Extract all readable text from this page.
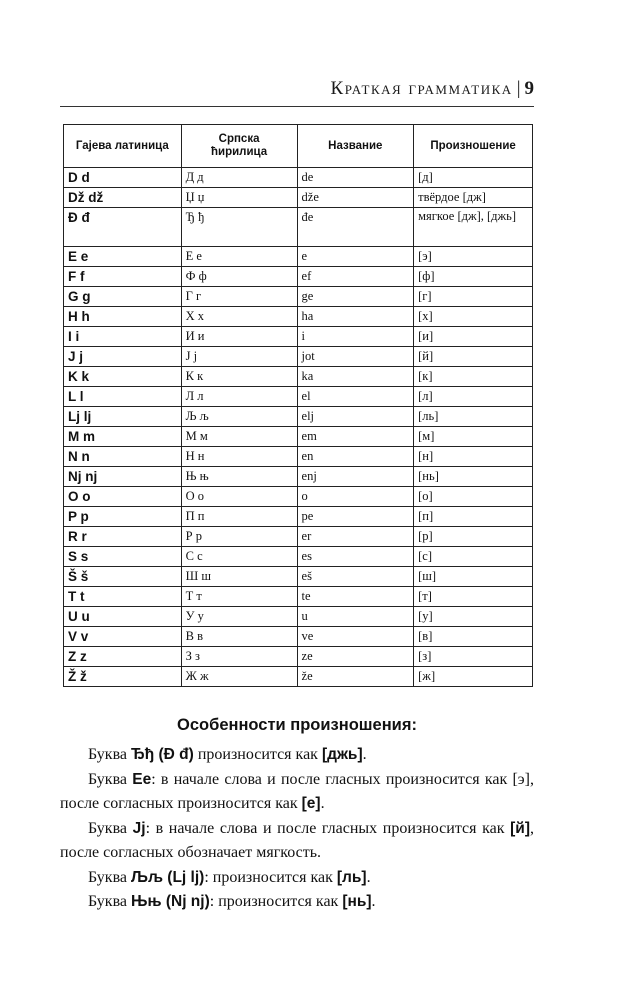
Краткая грамматика | 9
Гајева латиница	Српска ћирилица	Название	Произношение
D d	Д д	de	[д]
Dž dž	Џ џ	dže	твёрдое [дж]
Đ đ	Ђ ђ	đe	мягкое [дж], [джь]
E e	Е е	e	[э]
F f	Ф ф	ef	[ф]
G g	Г г	ge	[г]
H h	Х х	ha	[х]
I i	И и	i	[и]
J j	Ј ј	jot	[й]
K k	К к	ka	[к]
L l	Л л	el	[л]
Lj lj	Љ љ	elj	[ль]
M m	М м	em	[м]
N n	Н н	en	[н]
Nj nj	Њ њ	enj	[нь]
O o	О о	o	[о]
P p	П п	pe	[п]
R r	Р р	er	[р]
S s	С с	es	[с]
Š š	Ш ш	eš	[ш]
T t	Т т	te	[т]
U u	У у	u	[у]
V v	В в	ve	[в]
Z z	З з	ze	[з]
Ž ž	Ж ж	že	[ж]
Особенности произношения:

Буква Ђђ (Đ đ) произносится как [джь].

Буква Ee: в начале слова и после гласных произносится как [э], после согласных произносится как [е].

Буква Jj: в начале слова и после гласных произносится как [й], после согласных обозначает мягкость.

Буква Љљ (Lj lj): произносится как [ль].

Буква Њњ (Nj nj): произносится как [нь].
